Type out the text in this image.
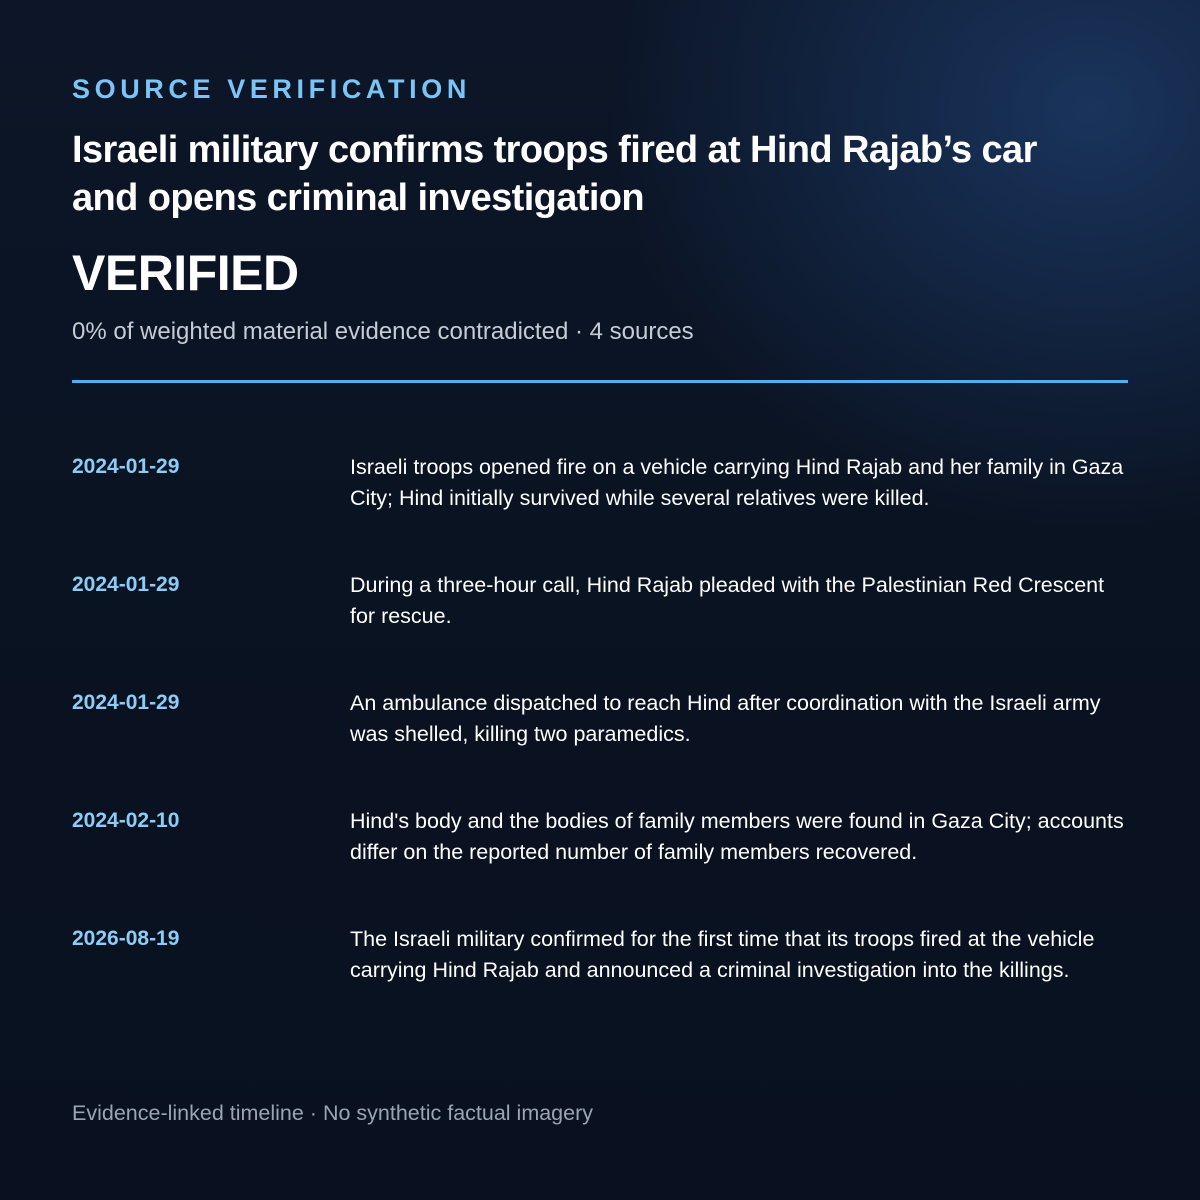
SOURCE VERIFICATION
Israeli military confirms troops fired at Hind Rajab’s car and opens criminal investigation
VERIFIED
0% of weighted material evidence contradicted · 4 sources
2024-01-29	Israeli troops opened fire on a vehicle carrying Hind Rajab and her family in Gaza City; Hind initially survived while several relatives were killed.
2024-01-29	During a three-hour call, Hind Rajab pleaded with the Palestinian Red Crescent for rescue.
2024-01-29	An ambulance dispatched to reach Hind after coordination with the Israeli army was shelled, killing two paramedics.
2024-02-10	Hind's body and the bodies of family members were found in Gaza City; accounts differ on the reported number of family members recovered.
2026-08-19	The Israeli military confirmed for the first time that its troops fired at the vehicle carrying Hind Rajab and announced a criminal investigation into the killings.
Evidence-linked timeline · No synthetic factual imagery
